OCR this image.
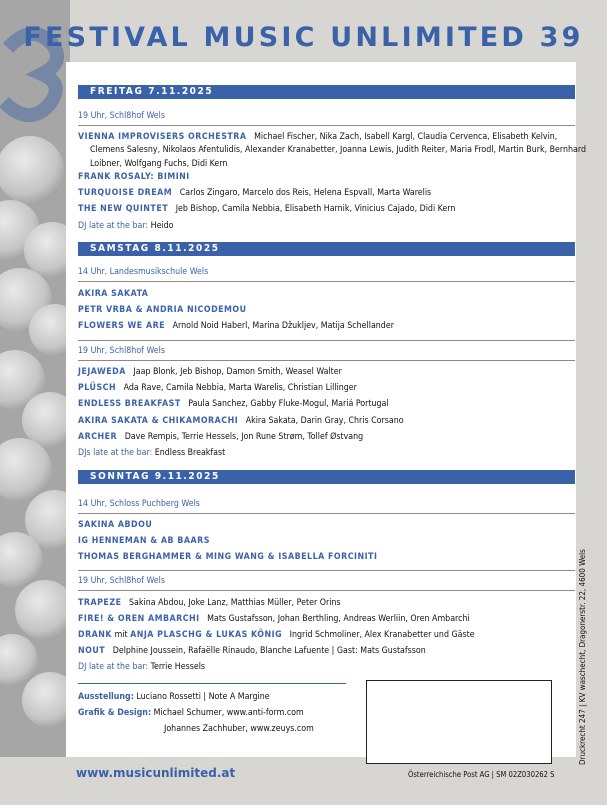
FESTIVAL MUSIC UNLIMITED 39
FREITAG 7.11.2025
19 Uhr, Schl8hof Wels
VIENNA IMPROVISERS ORCHESTRA Michael Fischer, Nika Zach, Isabell Kargl, Claudia Cervenca, Elisabeth Kelvin, Clemens Salesny, Nikolaos Afentulidis, Alexander Kranabetter, Joanna Lewis, Judith Reiter, Maria Frodl, Martin Burk, Bernhard Loibner, Wolfgang Fuchs, Didi Kern
FRANK ROSALY: BIMINI
TURQUOISE DREAM Carlos Zingaro, Marcelo dos Reis, Helena Espvall, Marta Warelis
THE NEW QUINTET Jeb Bishop, Camila Nebbia, Elisabeth Harnik, Vinicius Cajado, Didi Kern
DJ late at the bar: Heido
SAMSTAG 8.11.2025
14 Uhr, Landesmusikschule Wels
AKIRA SAKATA
PETR VRBA & ANDRIA NICODEMOU
FLOWERS WE ARE Arnold Noid Haberl, Marina Džukljev, Matija Schellander
19 Uhr, Schl8hof Wels
JEJAWEDA Jaap Blonk, Jeb Bishop, Damon Smith, Weasel Walter
PLÜSCH Ada Rave, Camila Nebbia, Marta Warelis, Christian Lillinger
ENDLESS BREAKFAST Paula Sanchez, Gabby Fluke-Mogul, Mariá Portugal
AKIRA SAKATA & CHIKAMORACHI Akira Sakata, Darin Gray, Chris Corsano
ARCHER Dave Rempis, Terrie Hessels, Jon Rune Strøm, Tollef Østvang
DJs late at the bar: Endless Breakfast
SONNTAG 9.11.2025
14 Uhr, Schloss Puchberg Wels
SAKINA ABDOU
IG HENNEMAN & AB BAARS
THOMAS BERGHAMMER & MING WANG & ISABELLA FORCINITI
19 Uhr, Schl8hof Wels
TRAPEZE Sakina Abdou, Joke Lanz, Matthias Müller, Peter Orins
FIRE! & OREN AMBARCHI Mats Gustafsson, Johan Berthling, Andreas Werliin, Oren Ambarchi
DRANK mit ANJA PLASCHG & LUKAS KÖNIG Ingrid Schmoliner, Alex Kranabetter und Gäste
NOUT Delphine Joussein, Rafaëlle Rinaudo, Blanche Lafuente | Gast: Mats Gustafsson
DJ late at the bar: Terrie Hessels
Ausstellung: Luciano Rossetti | Note A Margine
Grafik & Design: Michael Schumer, www.anti-form.com
Johannes Zachhuber, www.zeuys.com	Druckrecht 247 | KV waschecht, Dragonerstr. 22, 4600 Wels
www.musicunlimited.at	Österreichische Post AG | SM 02Z030262 S
